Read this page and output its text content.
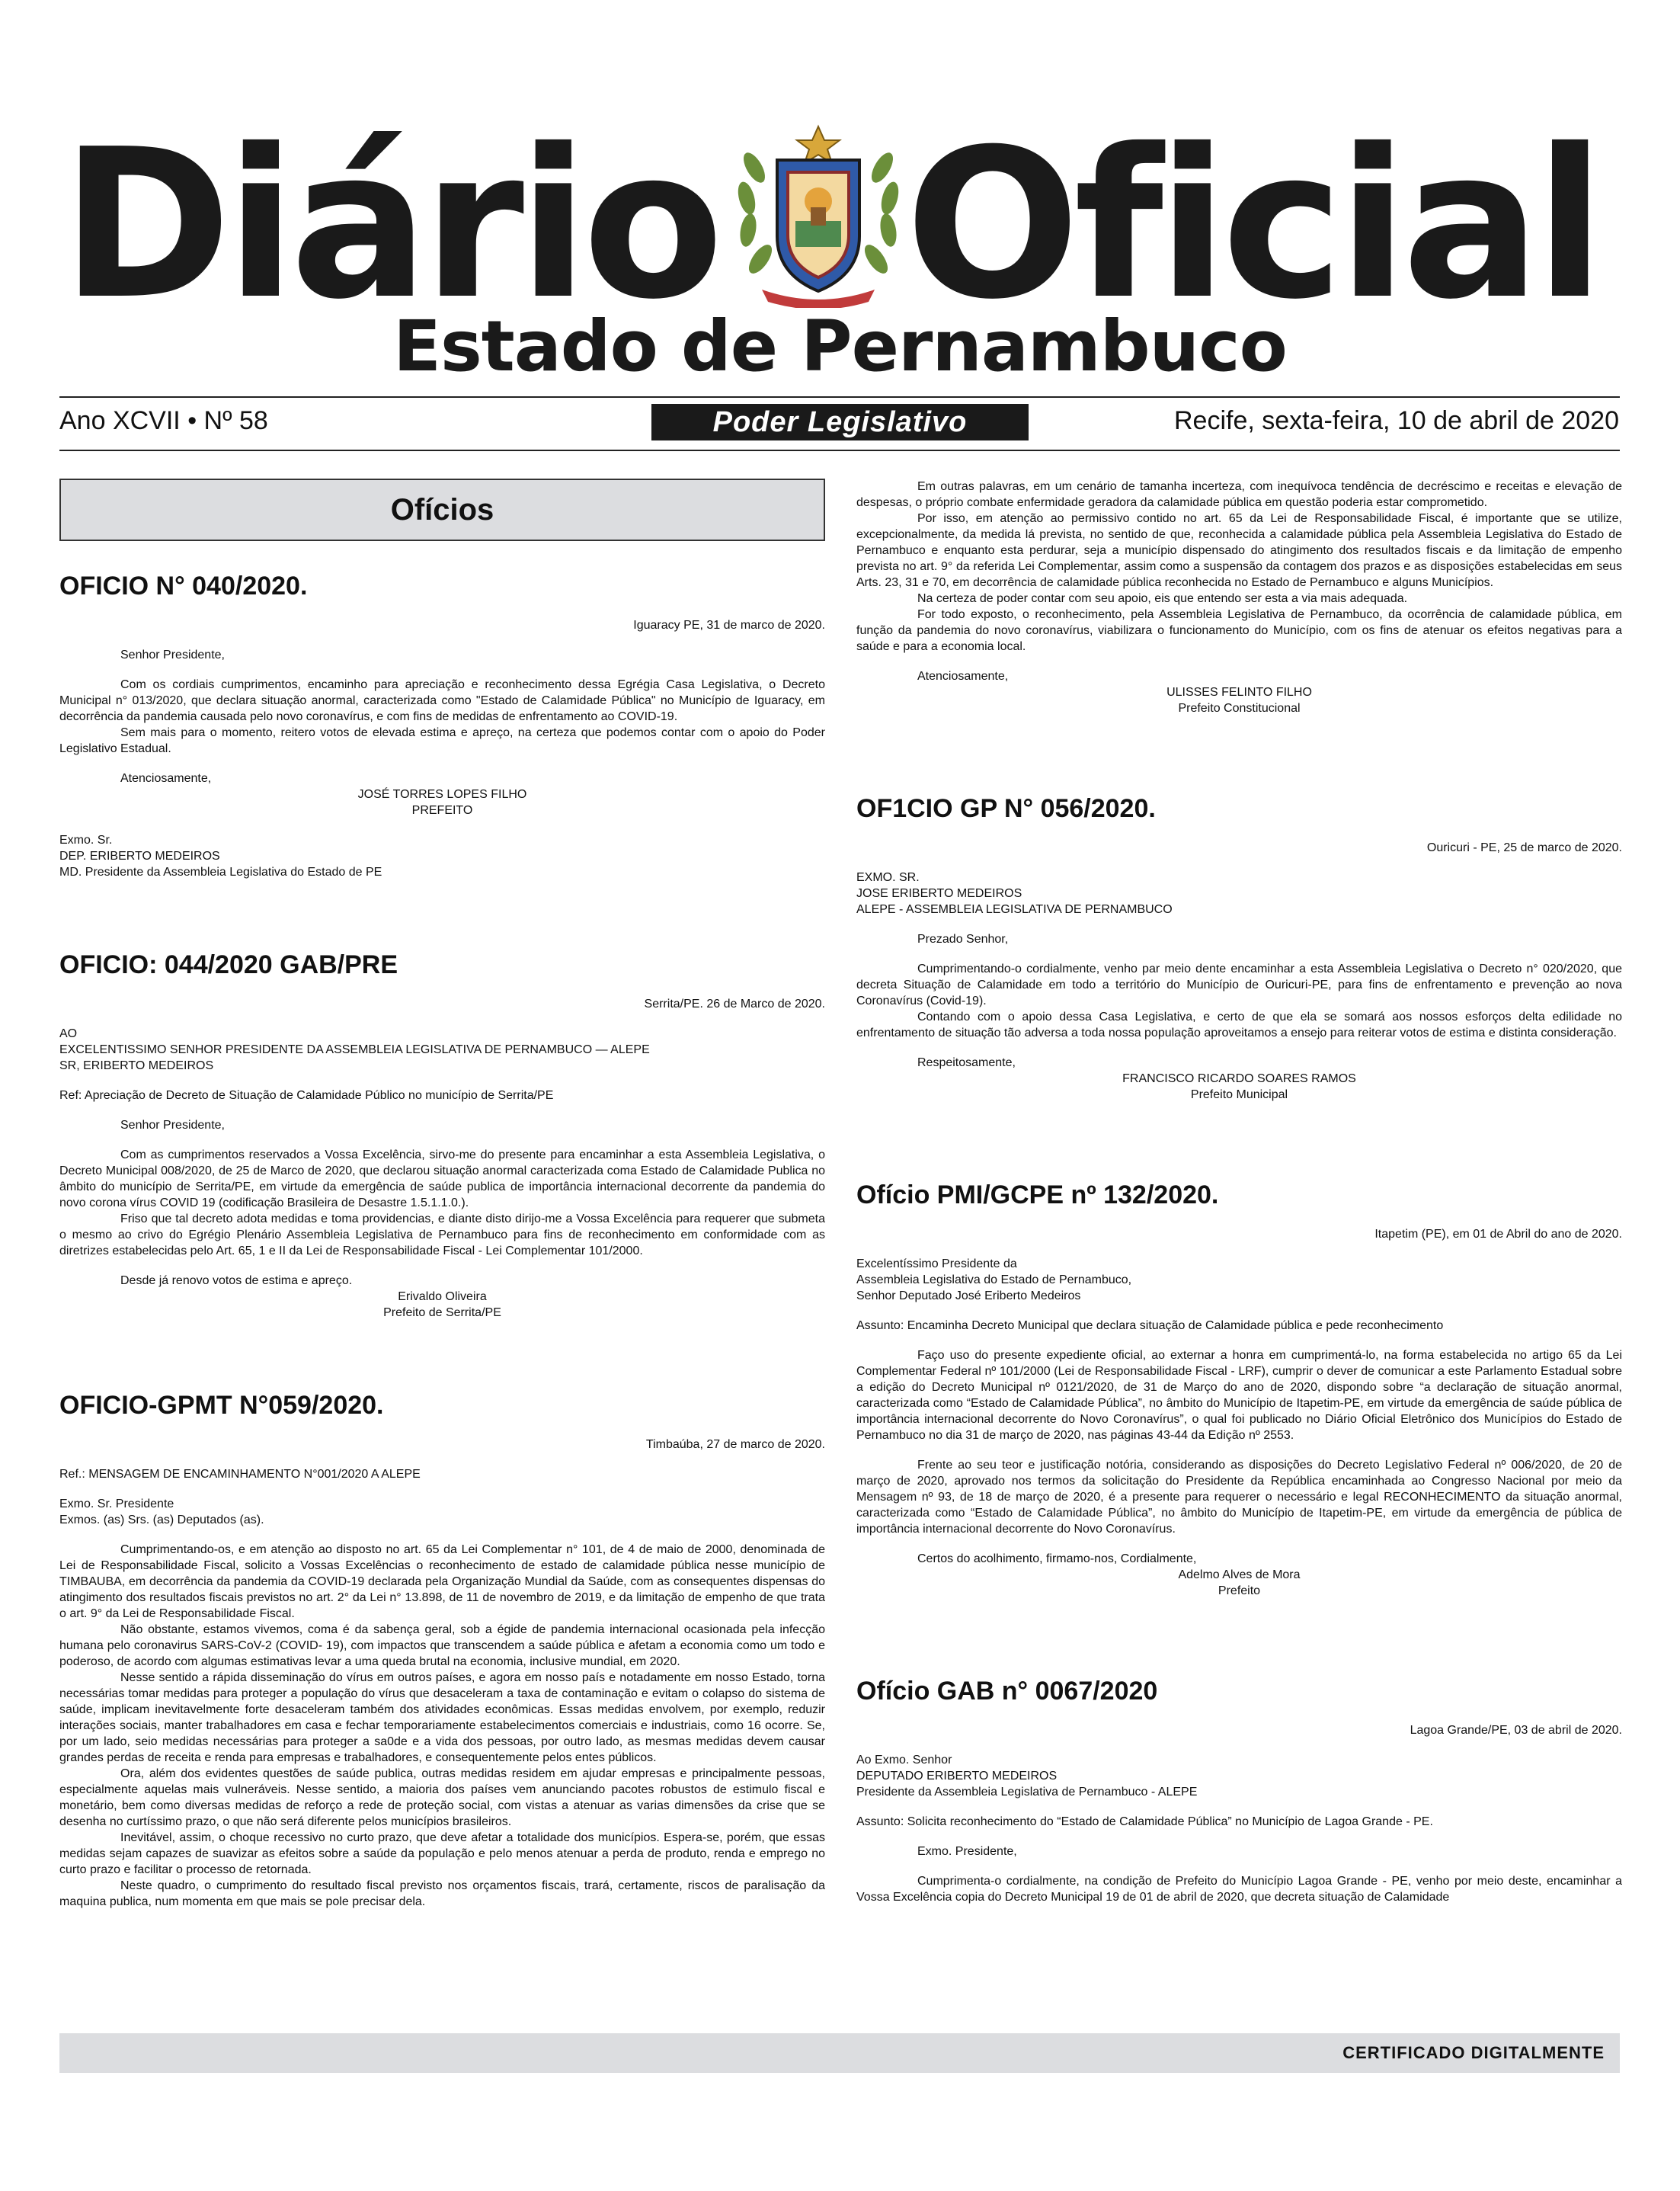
Diário Oficial
Estado de Pernambuco
Ano XCVII • Nº 58	Poder Legislativo	Recife, sexta-feira, 10 de abril de 2020
Ofícios

OFICIO N° 040/2020.

Iguaracy PE, 31 de marco de 2020.

Senhor Presidente,

Com os cordiais cumprimentos, encaminho para apreciação e reconhecimento dessa Egrégia Casa Legislativa, o Decreto Municipal n° 013/2020, que declara situação anormal, caracterizada como "Estado de Calamidade Pública" no Município de Iguaracy, em decorrência da pandemia causada pelo novo coronavírus, e com fins de medidas de enfrentamento ao COVID-19.

Sem mais para o momento, reitero votos de elevada estima e apreço, na certeza que podemos contar com o apoio do Poder Legislativo Estadual.

Atenciosamente,

JOSÉ TORRES LOPES FILHO

PREFEITO

Exmo. Sr.

DEP. ERIBERTO MEDEIROS

MD. Presidente da Assembleia Legislativa do Estado de PE

OFICIO: 044/2020 GAB/PRE

Serrita/PE. 26 de Marco de 2020.

AO

EXCELENTISSIMO SENHOR PRESIDENTE DA ASSEMBLEIA LEGISLATIVA DE PERNAMBUCO — ALEPE

SR, ERIBERTO MEDEIROS

Ref: Apreciação de Decreto de Situação de Calamidade Público no município de Serrita/PE

Senhor Presidente,

Com as cumprimentos reservados a Vossa Excelência, sirvo-me do presente para encaminhar a esta Assembleia Legislativa, o Decreto Municipal 008/2020, de 25 de Marco de 2020, que declarou situação anormal caracterizada coma Estado de Calamidade Publica no âmbito do município de Serrita/PE, em virtude da emergência de saúde publica de importância internacional decorrente da pandemia do novo corona vírus COVID 19 (codificação Brasileira de Desastre 1.5.1.1.0.).

Friso que tal decreto adota medidas e toma providencias, e diante disto dirijo-me a Vossa Excelência para requerer que submeta o mesmo ao crivo do Egrégio Plenário Assembleia Legislativa de Pernambuco para fins de reconhecimento em conformidade com as diretrizes estabelecidas pelo Art. 65, 1 e II da Lei de Responsabilidade Fiscal - Lei Complementar 101/2000.

Desde já renovo votos de estima e apreço.

Erivaldo Oliveira

Prefeito de Serrita/PE

OFICIO-GPMT N°059/2020.

Timbaúba, 27 de marco de 2020.

Ref.: MENSAGEM DE ENCAMINHAMENTO N°001/2020 A ALEPE

Exmo. Sr. Presidente

Exmos. (as) Srs. (as) Deputados (as).

Cumprimentando-os, e em atenção ao disposto no art. 65 da Lei Complementar n° 101, de 4 de maio de 2000, denominada de Lei de Responsabilidade Fiscal, solicito a Vossas Excelências o reconhecimento de estado de calamidade pública nesse município de TIMBAUBA, em decorrência da pandemia da COVID-19 declarada pela Organização Mundial da Saúde, com as consequentes dispensas do atingimento dos resultados fiscais previstos no art. 2° da Lei n° 13.898, de 11 de novembro de 2019, e da limitação de empenho de que trata o art. 9° da Lei de Responsabilidade Fiscal.

Não obstante, estamos vivemos, coma é da sabença geral, sob a égide de pandemia internacional ocasionada pela infecção humana pelo coronavirus SARS-CoV-2 (COVID- 19), com impactos que transcendem a saúde pública e afetam a economia como um todo e poderoso, de acordo com algumas estimativas levar a uma queda brutal na economia, inclusive mundial, em 2020.

Nesse sentido a rápida disseminação do vírus em outros países, e agora em nosso país e notadamente em nosso Estado, torna necessárias tomar medidas para proteger a população do vírus que desaceleram a taxa de contaminação e evitam o colapso do sistema de saúde, implicam inevitavelmente forte desaceleram também dos atividades econômicas. Essas medidas envolvem, por exemplo, reduzir interações sociais, manter trabalhadores em casa e fechar temporariamente estabelecimentos comerciais e industriais, como 16 ocorre. Se, por um lado, seio medidas necessárias para proteger a sa0de e a vida dos pessoas, por outro lado, as mesmas medidas devem causar grandes perdas de receita e renda para empresas e trabalhadores, e consequentemente pelos entes públicos.

Ora, além dos evidentes questões de saúde publica, outras medidas residem em ajudar empresas e principalmente pessoas, especialmente aquelas mais vulneráveis. Nesse sentido, a maioria dos países vem anunciando pacotes robustos de estimulo fiscal e monetário, bem como diversas medidas de reforço a rede de proteção social, com vistas a atenuar as varias dimensões da crise que se desenha no curtíssimo prazo, o que não será diferente pelos municípios brasileiros.

Inevitável, assim, o choque recessivo no curto prazo, que deve afetar a totalidade dos municípios. Espera-se, porém, que essas medidas sejam capazes de suavizar as efeitos sobre a saúde da população e pelo menos atenuar a perda de produto, renda e emprego no curto prazo e facilitar o processo de retornada.

Neste quadro, o cumprimento do resultado fiscal previsto nos orçamentos fiscais, trará, certamente, riscos de paralisação da maquina publica, num momenta em que mais se pole precisar dela.

Em outras palavras, em um cenário de tamanha incerteza, com inequívoca tendência de decréscimo e receitas e elevação de despesas, o próprio combate enfermidade geradora da calamidade pública em questão poderia estar comprometido.

Por isso, em atenção ao permissivo contido no art. 65 da Lei de Responsabilidade Fiscal, é importante que se utilize, excepcionalmente, da medida lá prevista, no sentido de que, reconhecida a calamidade pública pela Assembleia Legislativa do Estado de Pernambuco e enquanto esta perdurar, seja a município dispensado do atingimento dos resultados fiscais e da limitação de empenho prevista no art. 9° da referida Lei Complementar, assim como a suspensão da contagem dos prazos e as disposições estabelecidas em seus Arts. 23, 31 e 70, em decorrência de calamidade pública reconhecida no Estado de Pernambuco e alguns Municípios.

Na certeza de poder contar com seu apoio, eis que entendo ser esta a via mais adequada.

For todo exposto, o reconhecimento, pela Assembleia Legislativa de Pernambuco, da ocorrência de calamidade pública, em função da pandemia do novo coronavírus, viabilizara o funcionamento do Município, com os fins de atenuar os efeitos negativas para a saúde e para a economia local.

Atenciosamente,

ULISSES FELINTO FILHO

Prefeito Constitucional

OF1CIO GP N° 056/2020.

Ouricuri - PE, 25 de marco de 2020.

EXMO. SR.

JOSE ERIBERTO MEDEIROS

ALEPE - ASSEMBLEIA LEGISLATIVA DE PERNAMBUCO

Prezado Senhor,

Cumprimentando-o cordialmente, venho par meio dente encaminhar a esta Assembleia Legislativa o Decreto n° 020/2020, que decreta Situação de Calamidade em todo a território do Município de Ouricuri-PE, para fins de enfrentamento e prevenção ao nova Coronavírus (Covid-19).

Contando com o apoio dessa Casa Legislativa, e certo de que ela se somará aos nossos esforços delta edilidade no enfrentamento de situação tão adversa a toda nossa população aproveitamos a ensejo para reiterar votos de estima e distinta consideração.

Respeitosamente,

FRANCISCO RICARDO SOARES RAMOS

Prefeito Municipal

Ofício PMI/GCPE nº 132/2020.

Itapetim (PE), em 01 de Abril do ano de 2020.

Excelentíssimo Presidente da

Assembleia Legislativa do Estado de Pernambuco,

Senhor Deputado José Eriberto Medeiros

Assunto: Encaminha Decreto Municipal que declara situação de Calamidade pública e pede reconhecimento

Faço uso do presente expediente oficial, ao externar a honra em cumprimentá-lo, na forma estabelecida no artigo 65 da Lei Complementar Federal nº 101/2000 (Lei de Responsabilidade Fiscal - LRF), cumprir o dever de comunicar a este Parlamento Estadual sobre a edição do Decreto Municipal nº 0121/2020, de 31 de Março do ano de 2020, dispondo sobre “a declaração de situação anormal, caracterizada como “Estado de Calamidade Pública”, no âmbito do Município de Itapetim-PE, em virtude da emergência de saúde pública de importância internacional decorrente do Novo Coronavírus”, o qual foi publicado no Diário Oficial Eletrônico dos Municípios do Estado de Pernambuco no dia 31 de março de 2020, nas páginas 43-44 da Edição nº 2553.

Frente ao seu teor e justificação notória, considerando as disposições do Decreto Legislativo Federal nº 006/2020, de 20 de março de 2020, aprovado nos termos da solicitação do Presidente da República encaminhada ao Congresso Nacional por meio da Mensagem nº 93, de 18 de março de 2020, é a presente para requerer o necessário e legal RECONHECIMENTO da situação anormal, caracterizada como “Estado de Calamidade Pública”, no âmbito do Município de Itapetim-PE, em virtude da emergência de pública de importância internacional decorrente do Novo Coronavírus.

Certos do acolhimento, firmamo-nos, Cordialmente,

Adelmo Alves de Mora

Prefeito

Ofício GAB n° 0067/2020

Lagoa Grande/PE, 03 de abril de 2020.

Ao Exmo. Senhor

DEPUTADO ERIBERTO MEDEIROS

Presidente da Assembleia Legislativa de Pernambuco - ALEPE

Assunto: Solicita reconhecimento do “Estado de Calamidade Pública” no Município de Lagoa Grande - PE.

Exmo. Presidente,

Cumprimenta-o cordialmente, na condição de Prefeito do Município Lagoa Grande - PE, venho por meio deste, encaminhar a Vossa Excelência copia do Decreto Municipal 19 de 01 de abril de 2020, que decreta situação de Calamidade

CERTIFICADO DIGITALMENTE
